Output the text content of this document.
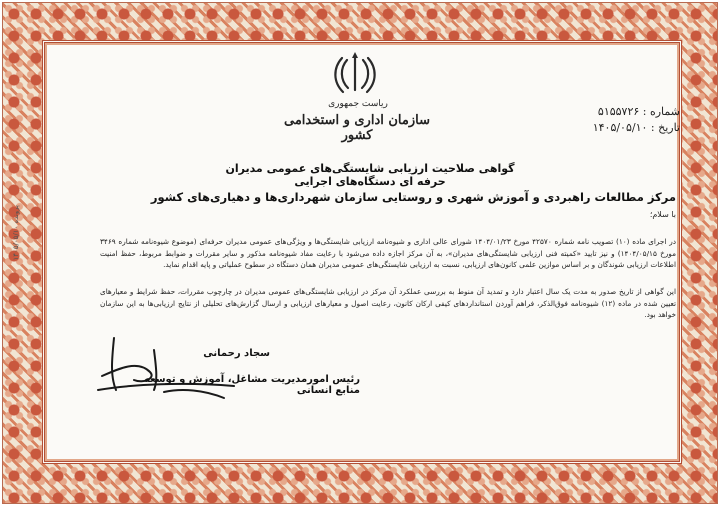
۱۴۰۵/۰۵/۱۰ پرونده
ریاست جمهوری
سازمان اداری و استخدامی کشور
شماره : ۵۱۵۵۷۲۶
تاریخ : ۱۴۰۵/۰۵/۱۰
گواهی صلاحیت ارزیابی شایستگی‌های عمومی مدیران حرفه ای دستگاه‌های اجرایی
مرکز مطالعات راهبردی و آموزش شهری و روستایی سازمان شهرداری‌ها و دهیاری‌های کشور
با سلام؛
در اجرای ماده (۱۰) تصویب نامه شماره ۴۲۵۷۰ مورخ ۱۴۰۴/۰۱/۲۳ شورای عالی اداری و شیوه‌نامه ارزیابی شایستگی‌ها و ویژگی‌های عمومی مدیران حرفه‌ای (موضوع شیوه‌نامه شماره ۳۴۶۹ مورخ ۱۴۰۴/۰۵/۱۵) و نیز تایید «کمیته فنی ارزیابی شایستگی‌های مدیران»، به آن مرکز اجازه داده می‌شود با رعایت مفاد شیوه‌نامه مذکور و سایر مقررات و ضوابط مربوط، حفظ امنیت اطلاعات ارزیابی شوندگان و بر اساس موازین علمی کانون‌های ارزیابی، نسبت به ارزیابی شایستگی‌های عمومی مدیران همان دستگاه در سطوح عملیاتی و پایه اقدام نماید.
این گواهی از تاریخ صدور به مدت یک سال اعتبار دارد و تمدید آن منوط به بررسی عملکرد آن مرکز در ارزیابی شایستگی‌های عمومی مدیران در چارچوب مقررات، حفظ شرایط و معیارهای تعیین شده در ماده (۱۲) شیوه‌نامه فوق‌الذکر، فراهم آوردن استانداردهای کیفی ارکان کانون، رعایت اصول و معیارهای ارزیابی و ارسال گزارش‌های تحلیلی از نتایج ارزیابی‌ها به این سازمان خواهد بود.
سجاد رحمانی
رئیس امورمدیریت مشاغل، آموزش و توسعه منابع انسانی
